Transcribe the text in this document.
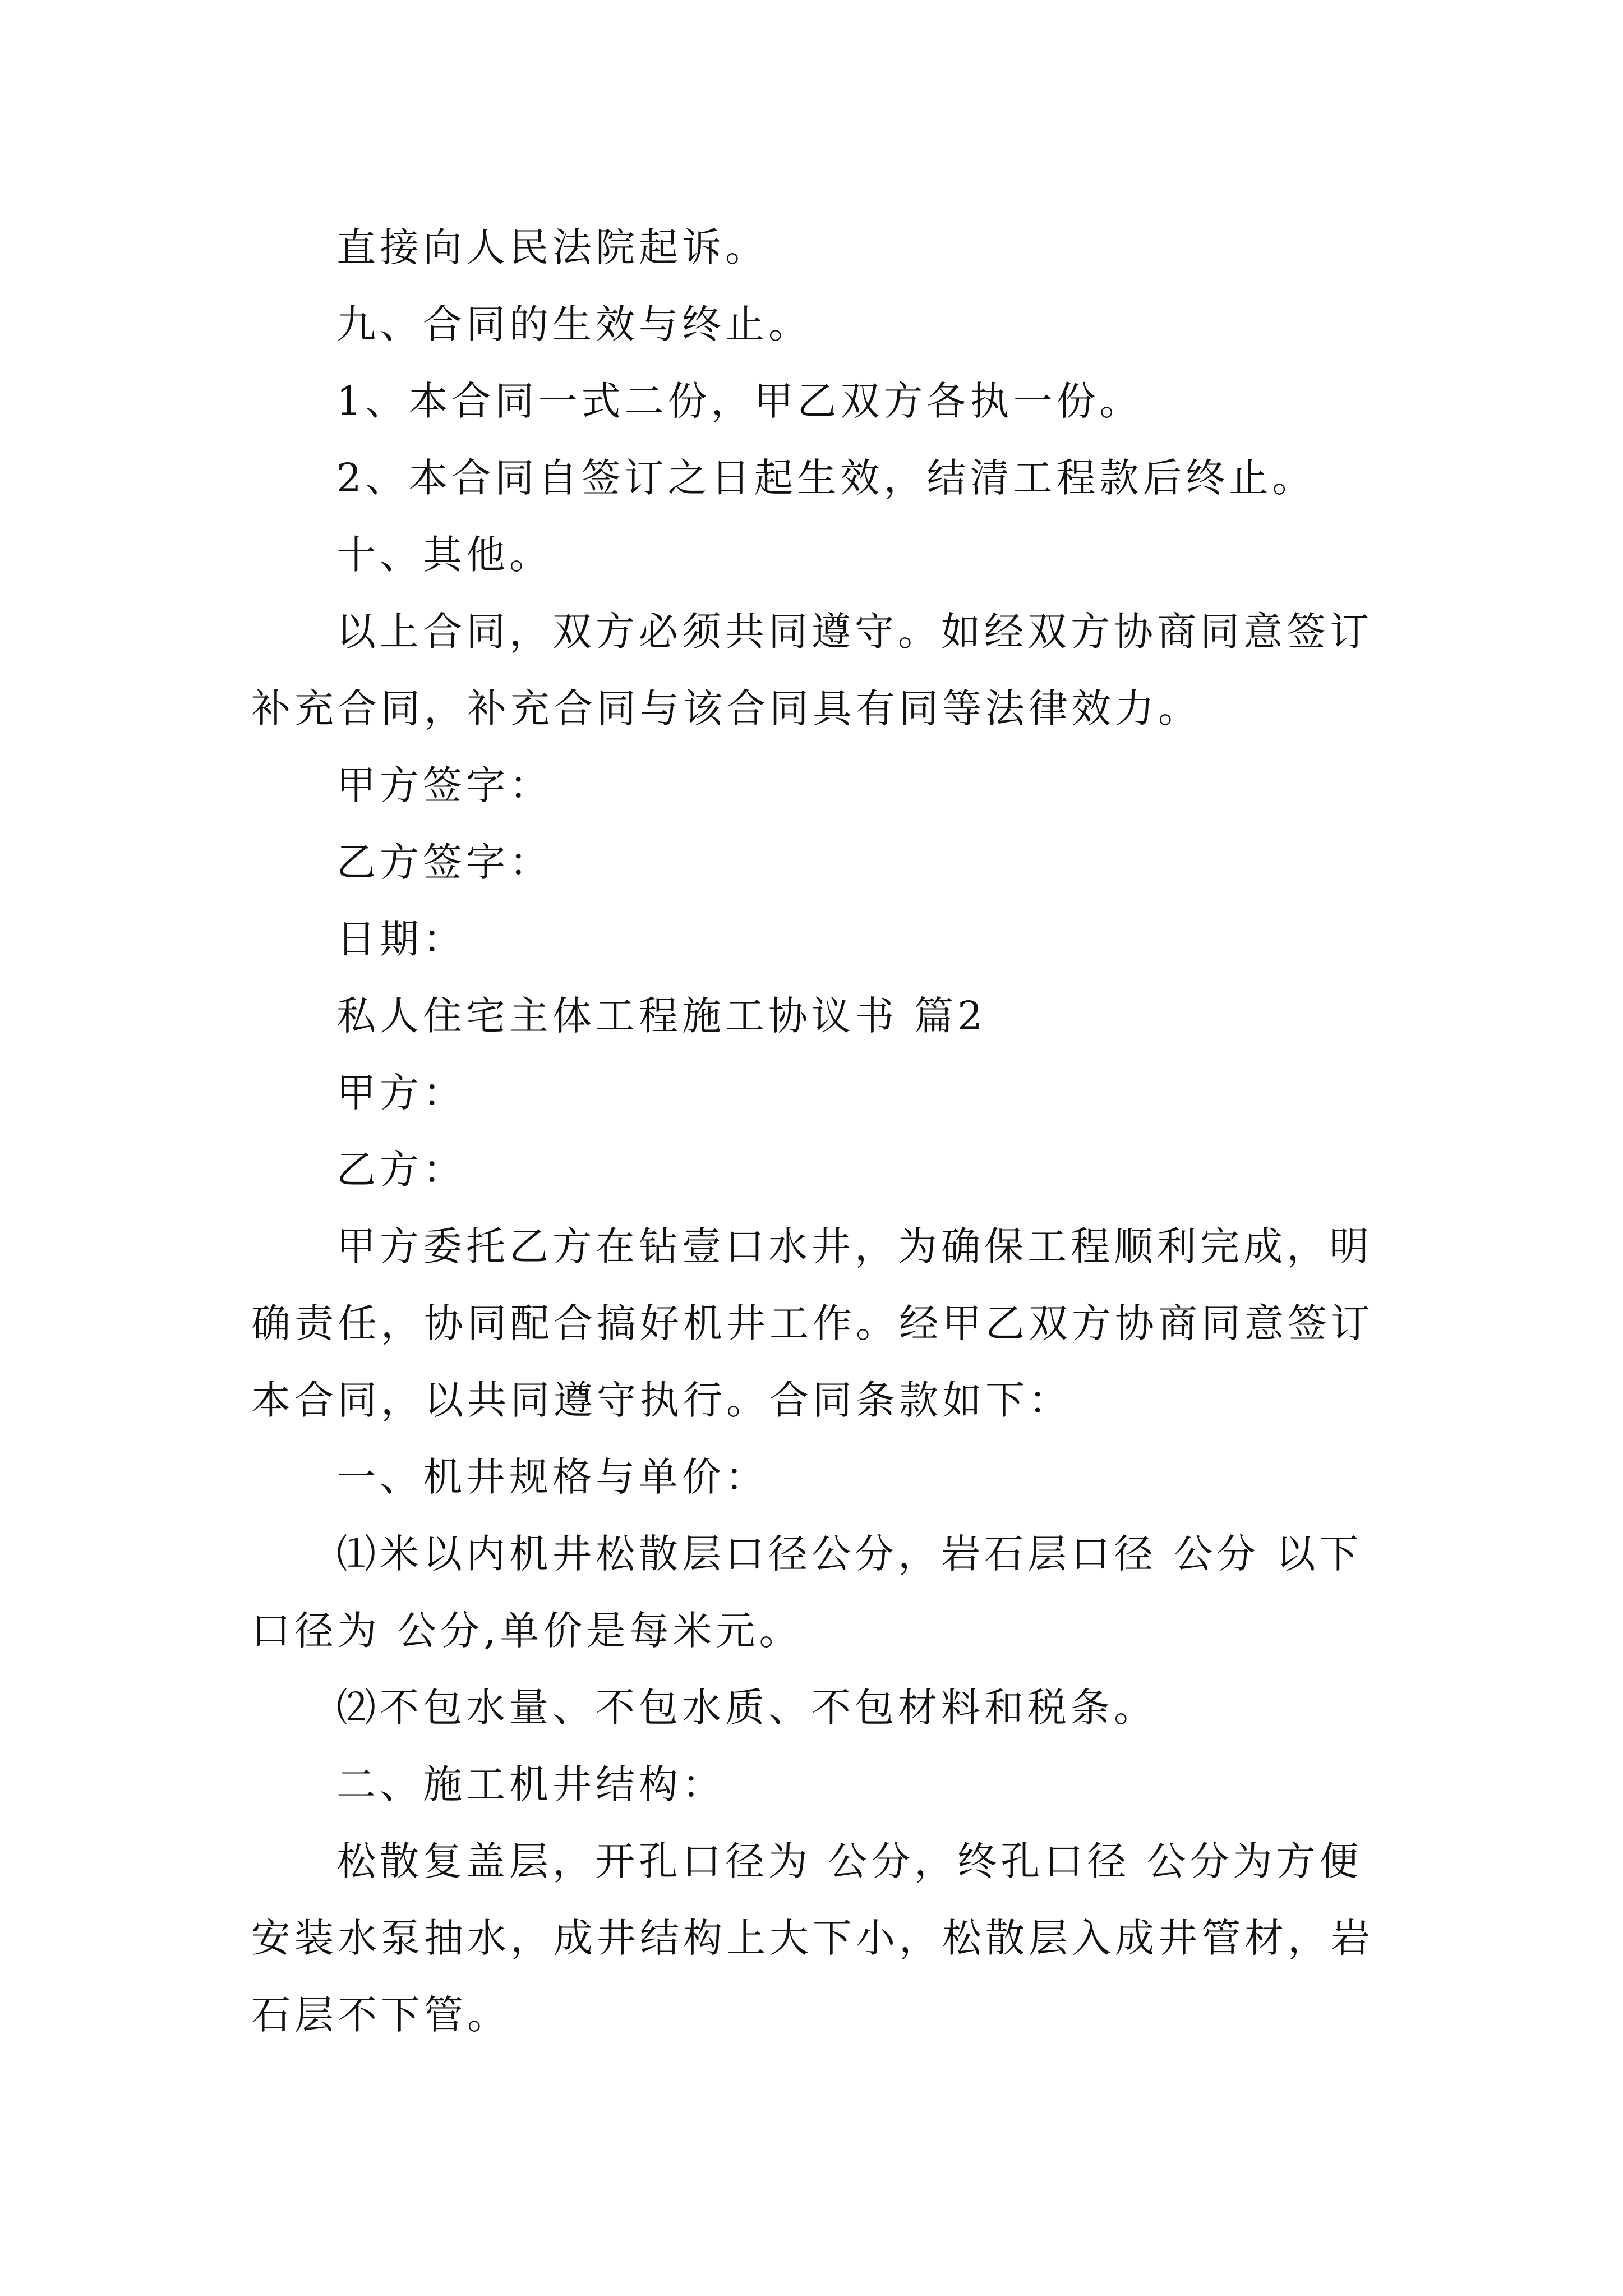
直接向人民法院起诉。

九、合同的生效与终止。

1、本合同一式二份，甲乙双方各执一份。

2、本合同自签订之日起生效，结清工程款后终止。

十、其他。

以上合同，双方必须共同遵守。如经双方协商同意签订补充合同，补充合同与该合同具有同等法律效力。

甲方签字：

乙方签字：

日期：

私人住宅主体工程施工协议书 篇2

甲方：

乙方：

甲方委托乙方在钻壹口水井，为确保工程顺利完成，明确责任，协同配合搞好机井工作。经甲乙双方协商同意签订本合同，以共同遵守执行。合同条款如下：

一、机井规格与单价：

⑴米以内机井松散层口径公分，岩石层口径 公分 以下口径为 公分,单价是每米元。

⑵不包水量、不包水质、不包材料和税条。

二、施工机井结构：

松散复盖层，开孔口径为 公分，终孔口径 公分为方便安装水泵抽水，成井结构上大下小，松散层入成井管材，岩石层不下管。
